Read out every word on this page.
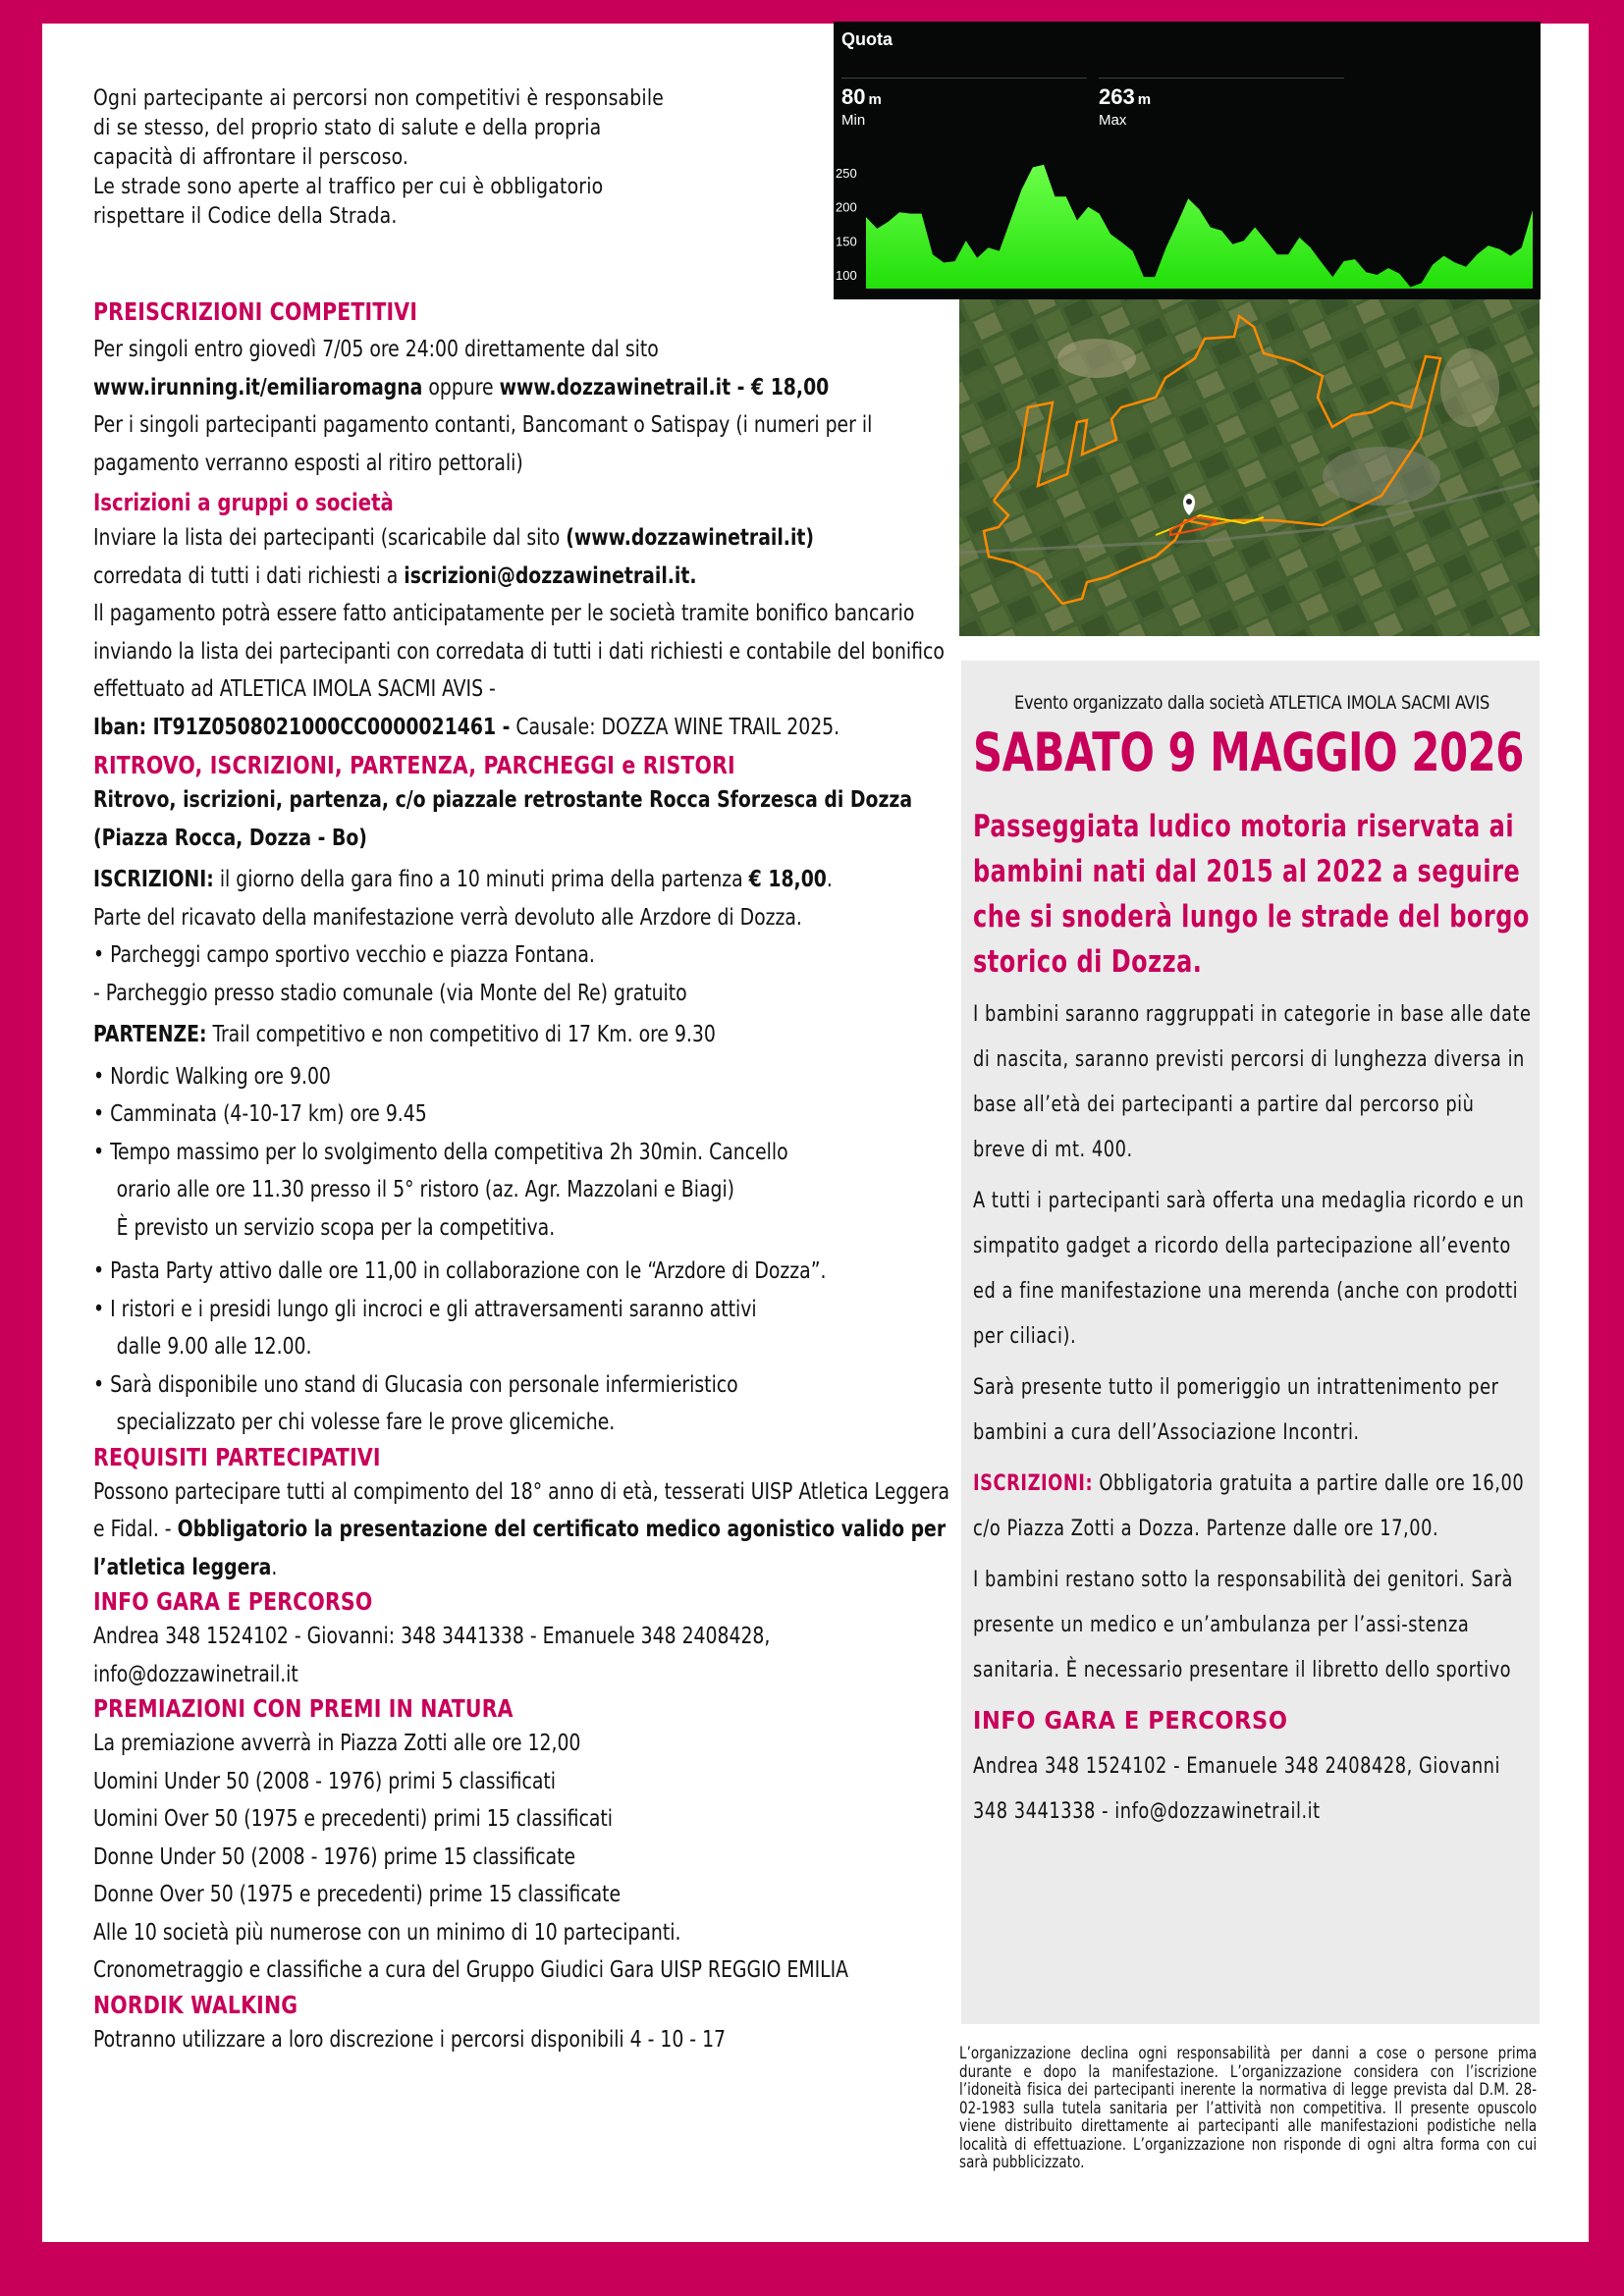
Ogni partecipante ai percorsi non competitivi è responsabile
di se stesso, del proprio stato di salute e della propria
capacità di affrontare il perscoso.
Le strade sono aperte al traffico per cui è obbligatorio
rispettare il Codice della Strada.
Quota
80 m
Min
263 m
Max
250
200
150
100
PREISCRIZIONI COMPETITIVI

Per singoli entro giovedì 7/05 ore 24:00 direttamente dal sito

www.irunning.it/emiliaromagna oppure www.dozzawinetrail.it - € 18,00

Per i singoli partecipanti pagamento contanti, Bancomant o Satispay (i numeri per il pagamento verranno esposti al ritiro pettorali)

Iscrizioni a gruppi o società

Inviare la lista dei partecipanti (scaricabile dal sito (www.dozzawinetrail.it)

corredata di tutti i dati richiesti a iscrizioni@dozzawinetrail.it.

Il pagamento potrà essere fatto anticipatamente per le società tramite bonifico bancario inviando la lista dei partecipanti con corredata di tutti i dati richiesti e contabile del bonifico effettuato ad ATLETICA IMOLA SACMI AVIS -

Iban: IT91Z0508021000CC0000021461 - Causale: DOZZA WINE TRAIL 2025.

RITROVO, ISCRIZIONI, PARTENZA, PARCHEGGI e RISTORI

Ritrovo, iscrizioni, partenza, c/o piazzale retrostante Rocca Sforzesca di Dozza (Piazza Rocca, Dozza - Bo)

ISCRIZIONI: il giorno della gara fino a 10 minuti prima della partenza € 18,00.

Parte del ricavato della manifestazione verrà devoluto alle Arzdore di Dozza.

• Parcheggi campo sportivo vecchio e piazza Fontana.

- Parcheggio presso stadio comunale (via Monte del Re) gratuito

PARTENZE: Trail competitivo e non competitivo di 17 Km. ore 9.30

• Nordic Walking ore 9.00

• Camminata (4-10-17 km) ore 9.45

• Tempo massimo per lo svolgimento della competitiva 2h 30min. Cancello
orario alle ore 11.30 presso il 5° ristoro (az. Agr. Mazzolani e Biagi)
È previsto un servizio scopa per la competitiva.

• Pasta Party attivo dalle ore 11,00 in collaborazione con le “Arzdore di Dozza”.

• I ristori e i presidi lungo gli incroci e gli attraversamenti saranno attivi
dalle 9.00 alle 12.00.

• Sarà disponibile uno stand di Glucasia con personale infermieristico
specializzato per chi volesse fare le prove glicemiche.

REQUISITI PARTECIPATIVI

Possono partecipare tutti al compimento del 18° anno di età, tesserati UISP Atletica Leggera e Fidal. - Obbligatorio la presentazione del certificato medico agonistico valido per l’atletica leggera.

INFO GARA E PERCORSO

Andrea 348 1524102 - Giovanni: 348 3441338 - Emanuele 348 2408428, info@dozzawinetrail.it

PREMIAZIONI CON PREMI IN NATURA

La premiazione avverrà in Piazza Zotti alle ore 12,00

Uomini Under 50 (2008 - 1976) primi 5 classificati

Uomini Over 50 (1975 e precedenti) primi 15 classificati

Donne Under 50 (2008 - 1976) prime 15 classificate

Donne Over 50 (1975 e precedenti) prime 15 classificate

Alle 10 società più numerose con un minimo di 10 partecipanti.

Cronometraggio e classifiche a cura del Gruppo Giudici Gara UISP REGGIO EMILIA

NORDIK WALKING

Potranno utilizzare a loro discrezione i percorsi disponibili 4 - 10 - 17

Evento organizzato dalla società ATLETICA IMOLA SACMI AVIS
SABATO 9 MAGGIO 2026
Passeggiata ludico motoria riservata ai bambini nati dal 2015 al 2022 a seguire che si snoderà lungo le strade del borgo storico di Dozza.

I bambini saranno raggruppati in categorie in base alle date di nascita, saranno previsti percorsi di lunghezza diversa in base all’età dei partecipanti a partire dal percorso più breve di mt. 400.

A tutti i partecipanti sarà offerta una medaglia ricordo e un simpatito gadget a ricordo della partecipazione all’evento ed a fine manifestazione una merenda (anche con prodotti per ciliaci).

Sarà presente tutto il pomeriggio un intrattenimento per bambini a cura dell’Associazione Incontri.

ISCRIZIONI: Obbligatoria gratuita a partire dalle ore 16,00 c/o Piazza Zotti a Dozza. Partenze dalle ore 17,00.

I bambini restano sotto la responsabilità dei genitori. Sarà presente un medico e un’ambulanza per l’assi-stenza sanitaria. È necessario presentare il libretto dello sportivo

INFO GARA E PERCORSO

Andrea 348 1524102 - Emanuele 348 2408428, Giovanni 348 3441338 - info@dozzawinetrail.it

L’organizzazione declina ogni responsabilità per danni a cose o persone prima durante e dopo la manifestazione. L’organizzazione considera con l’iscrizione l’idoneità fisica dei partecipanti inerente la normativa di legge prevista dal D.M. 28-02-1983 sulla tutela sanitaria per l’attività non competitiva. Il presente opuscolo viene distribuito direttamente ai partecipanti alle manifestazioni podistiche nella località di effettuazione. L’organizzazione non risponde di ogni altra forma con cui sarà pubblicizzato.
